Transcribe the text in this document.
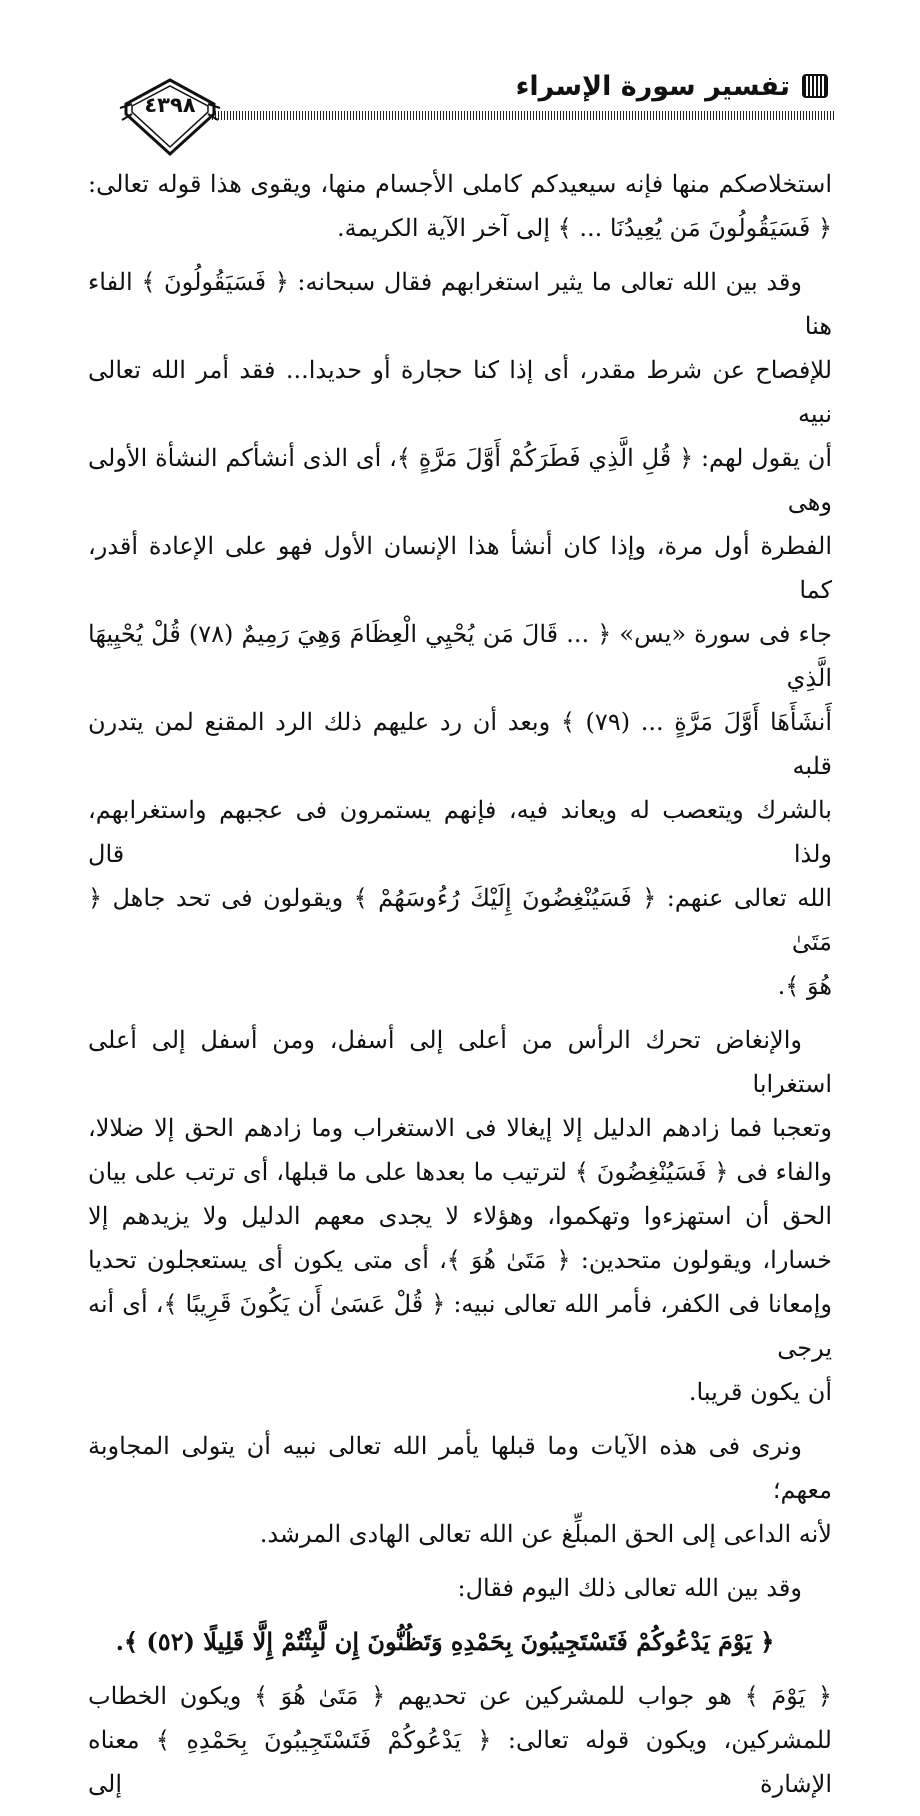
تفسير سورة الإسراء
٤٣٩٨
استخلاصكم منها فإنه سيعيدكم كاملى الأجسام منها، ويقوى هذا قوله تعالى:
﴿ فَسَيَقُولُونَ مَن يُعِيدُنَا ... ﴾ إلى آخر الآية الكريمة.
وقد بين الله تعالى ما يثير استغرابهم فقال سبحانه: ﴿ فَسَيَقُولُونَ ﴾ الفاء هنا
للإفصاح عن شرط مقدر، أى إذا كنا حجارة أو حديدا... فقد أمر الله تعالى نبيه
أن يقول لهم: ﴿ قُلِ الَّذِي فَطَرَكُمْ أَوَّلَ مَرَّةٍ ﴾، أى الذى أنشأكم النشأة الأولى وهى
الفطرة أول مرة، وإذا كان أنشأ هذا الإنسان الأول فهو على الإعادة أقدر، كما
جاء فى سورة «يس» ﴿ ... قَالَ مَن يُحْيِي الْعِظَامَ وَهِيَ رَمِيمٌ (٧٨) قُلْ يُحْيِيهَا الَّذِي
أَنشَأَهَا أَوَّلَ مَرَّةٍ ... (٧٩) ﴾ وبعد أن رد عليهم ذلك الرد المقنع لمن يتدرن قلبه
بالشرك ويتعصب له ويعاند فيه، فإنهم يستمرون فى عجبهم واستغرابهم، ولذا قال
الله تعالى عنهم: ﴿ فَسَيُنْغِضُونَ إِلَيْكَ رُءُوسَهُمْ ﴾ ويقولون فى تحد جاهل ﴿ مَتَىٰ
هُوَ ﴾.
والإنغاض تحرك الرأس من أعلى إلى أسفل، ومن أسفل إلى أعلى استغرابا
وتعجبا فما زادهم الدليل إلا إيغالا فى الاستغراب وما زادهم الحق إلا ضلالا،
والفاء فى ﴿ فَسَيُنْغِضُونَ ﴾ لترتيب ما بعدها على ما قبلها، أى ترتب على بيان
الحق أن استهزءوا وتهكموا، وهؤلاء لا يجدى معهم الدليل ولا يزيدهم إلا
خسارا، ويقولون متحدين: ﴿ مَتَىٰ هُوَ ﴾، أى متى يكون أى يستعجلون تحديا
وإمعانا فى الكفر، فأمر الله تعالى نبيه: ﴿ قُلْ عَسَىٰ أَن يَكُونَ قَرِيبًا ﴾، أى أنه يرجى
أن يكون قريبا.
ونرى فى هذه الآيات وما قبلها يأمر الله تعالى نبيه أن يتولى المجاوبة معهم؛
لأنه الداعى إلى الحق المبلِّغ عن الله تعالى الهادى المرشد.
وقد بين الله تعالى ذلك اليوم فقال:
﴿ يَوْمَ يَدْعُوكُمْ فَتَسْتَجِيبُونَ بِحَمْدِهِ وَتَظُنُّونَ إِن لَّبِثْتُمْ إِلَّا قَلِيلًا (٥٢) ﴾.
﴿ يَوْمَ ﴾ هو جواب للمشركين عن تحديهم ﴿ مَتَىٰ هُوَ ﴾ ويكون الخطاب
للمشركين، ويكون قوله تعالى: ﴿ يَدْعُوكُمْ فَتَسْتَجِيبُونَ بِحَمْدِهِ ﴾ معناه الإشارة إلى
